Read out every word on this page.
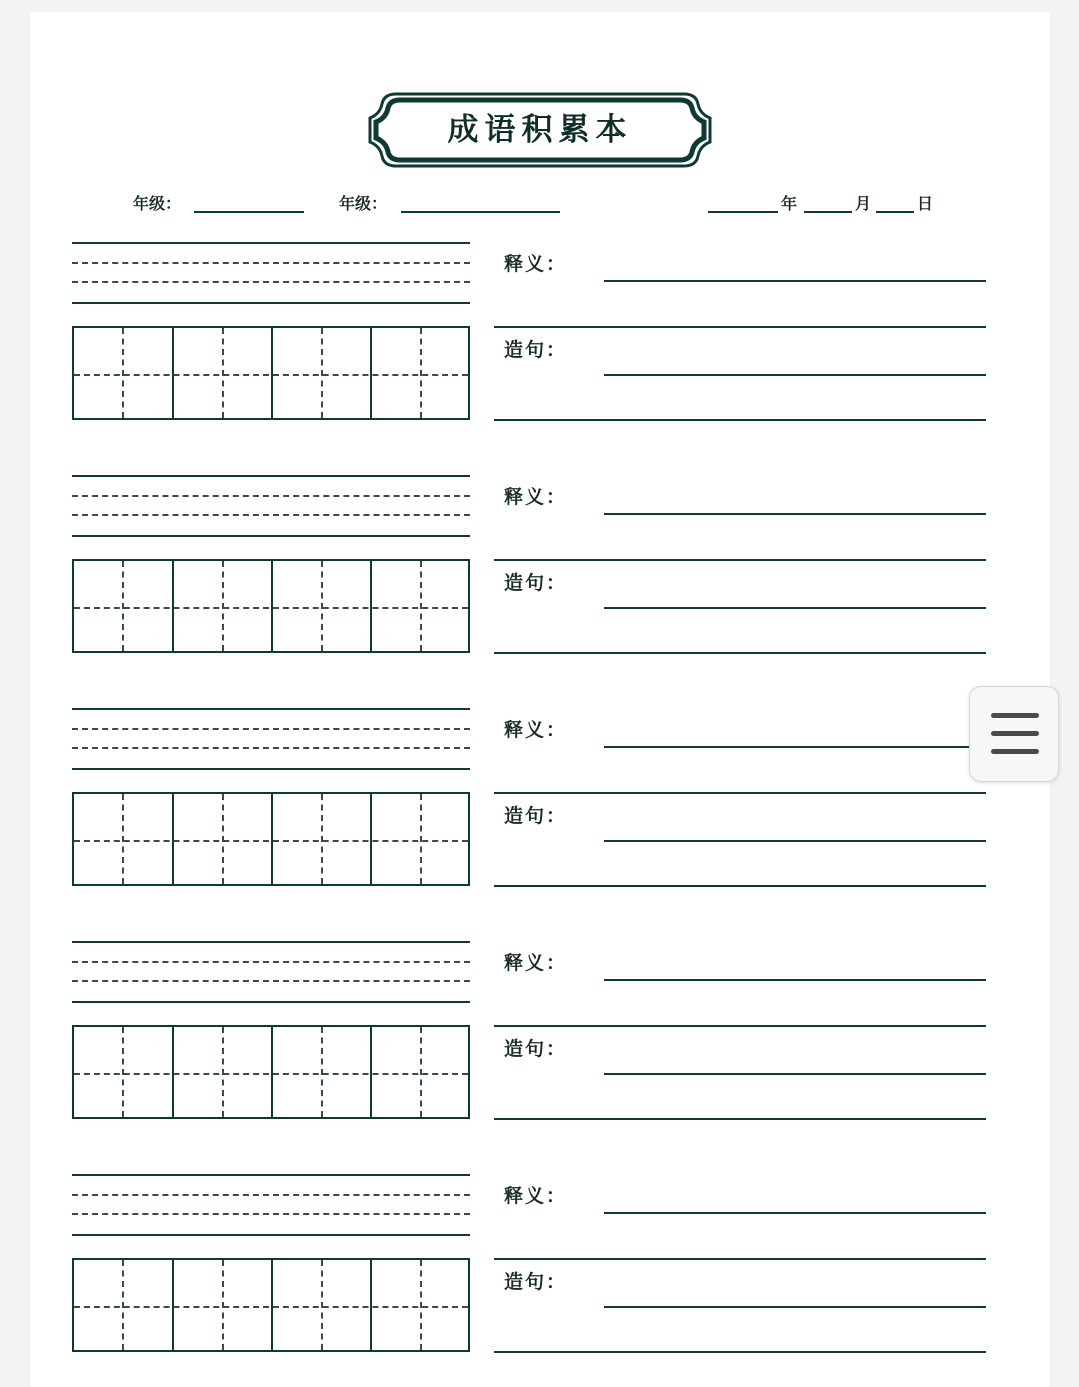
成语积累本
年级：	年级：	年	月	日
释义：
造句：
释义：
造句：
释义：
造句：
释义：
造句：
释义：
造句：
